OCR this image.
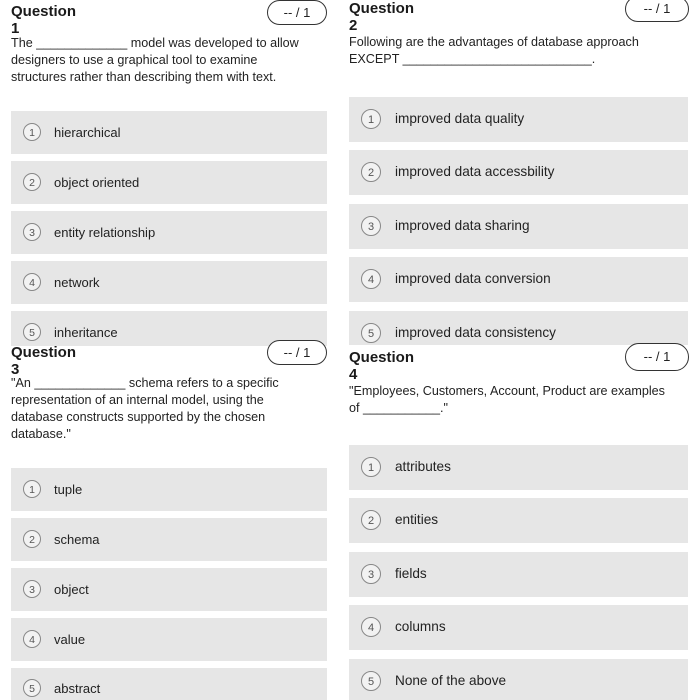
Question 1
-- / 1
The _____________ model was developed to allow designers to use a graphical tool to examine structures rather than describing them with text.
1	hierarchical
2	object oriented
3	entity relationship
4	network
5	inheritance
Question 2
-- / 1
Following are the advantages of database approach EXCEPT ___________________________.
1	improved data quality
2	improved data accessbility
3	improved data sharing
4	improved data conversion
5	improved data consistency
-- / 1
Question 3
"An _____________ schema refers to a specific representation of an internal model, using the database constructs supported by the chosen database."
1	tuple
2	schema
3	object
4	value
5	abstract
Question 4
-- / 1
"Employees, Customers, Account, Product are examples of ___________."
1	attributes
2	entities
3	fields
4	columns
5	None of the above
